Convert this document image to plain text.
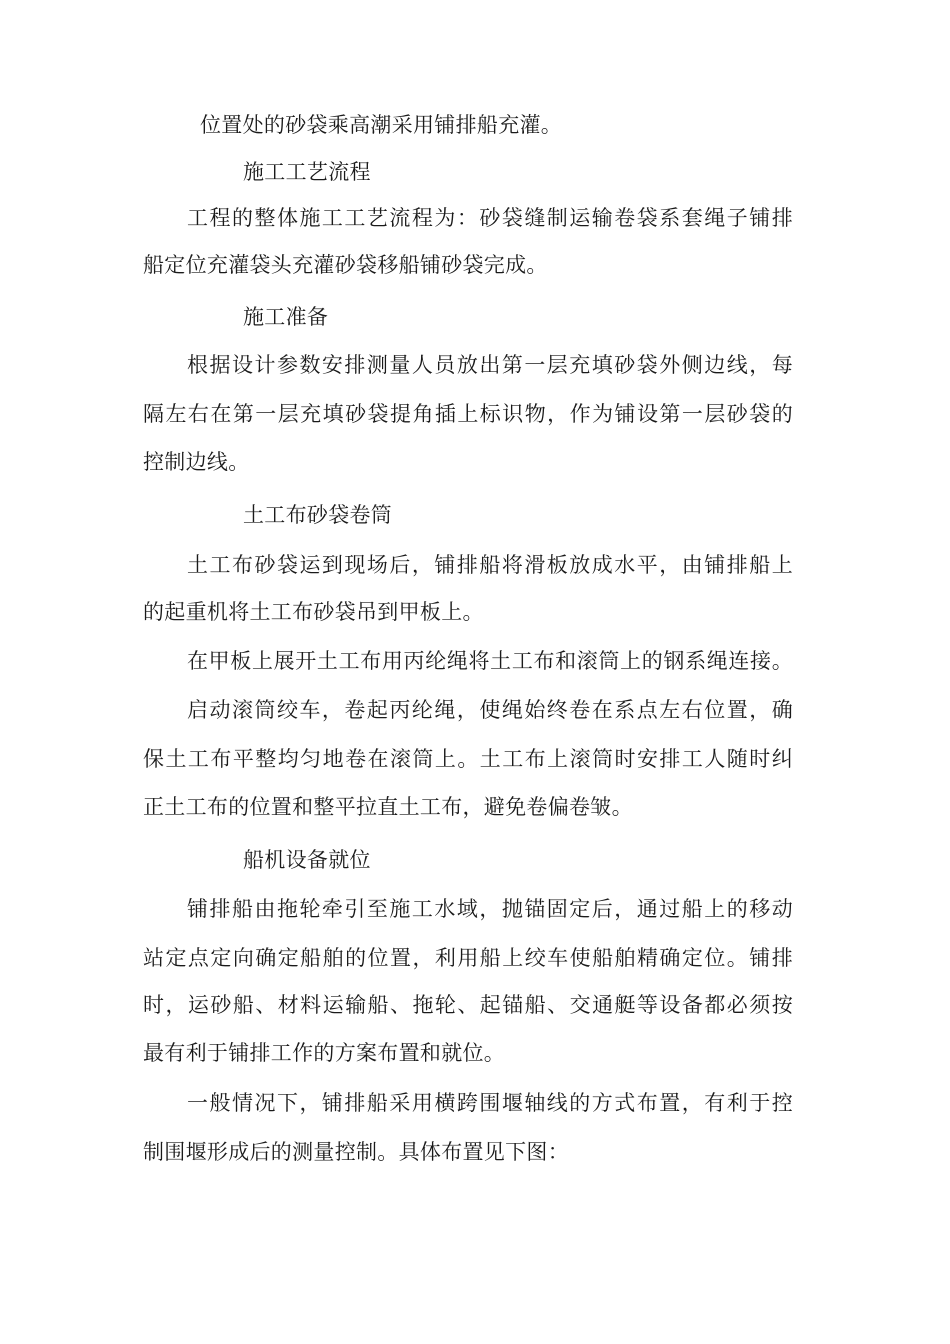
位置处的砂袋乘高潮采用铺排船充灌。
施工工艺流程
工程的整体施工工艺流程为：砂袋缝制运输卷袋系套绳子铺排
船定位充灌袋头充灌砂袋移船铺砂袋完成。
施工准备
根据设计参数安排测量人员放出第一层充填砂袋外侧边线，每
隔左右在第一层充填砂袋提角插上标识物，作为铺设第一层砂袋的
控制边线。
土工布砂袋卷筒
土工布砂袋运到现场后，铺排船将滑板放成水平，由铺排船上
的起重机将土工布砂袋吊到甲板上。
在甲板上展开土工布用丙纶绳将土工布和滚筒上的钢系绳连接。
启动滚筒绞车，卷起丙纶绳，使绳始终卷在系点左右位置，确
保土工布平整均匀地卷在滚筒上。土工布上滚筒时安排工人随时纠
正土工布的位置和整平拉直土工布，避免卷偏卷皱。
船机设备就位
铺排船由拖轮牵引至施工水域，抛锚固定后，通过船上的移动
站定点定向确定船舶的位置，利用船上绞车使船舶精确定位。铺排
时，运砂船、材料运输船、拖轮、起锚船、交通艇等设备都必须按
最有利于铺排工作的方案布置和就位。
一般情况下，铺排船采用横跨围堰轴线的方式布置，有利于控
制围堰形成后的测量控制。具体布置见下图：
